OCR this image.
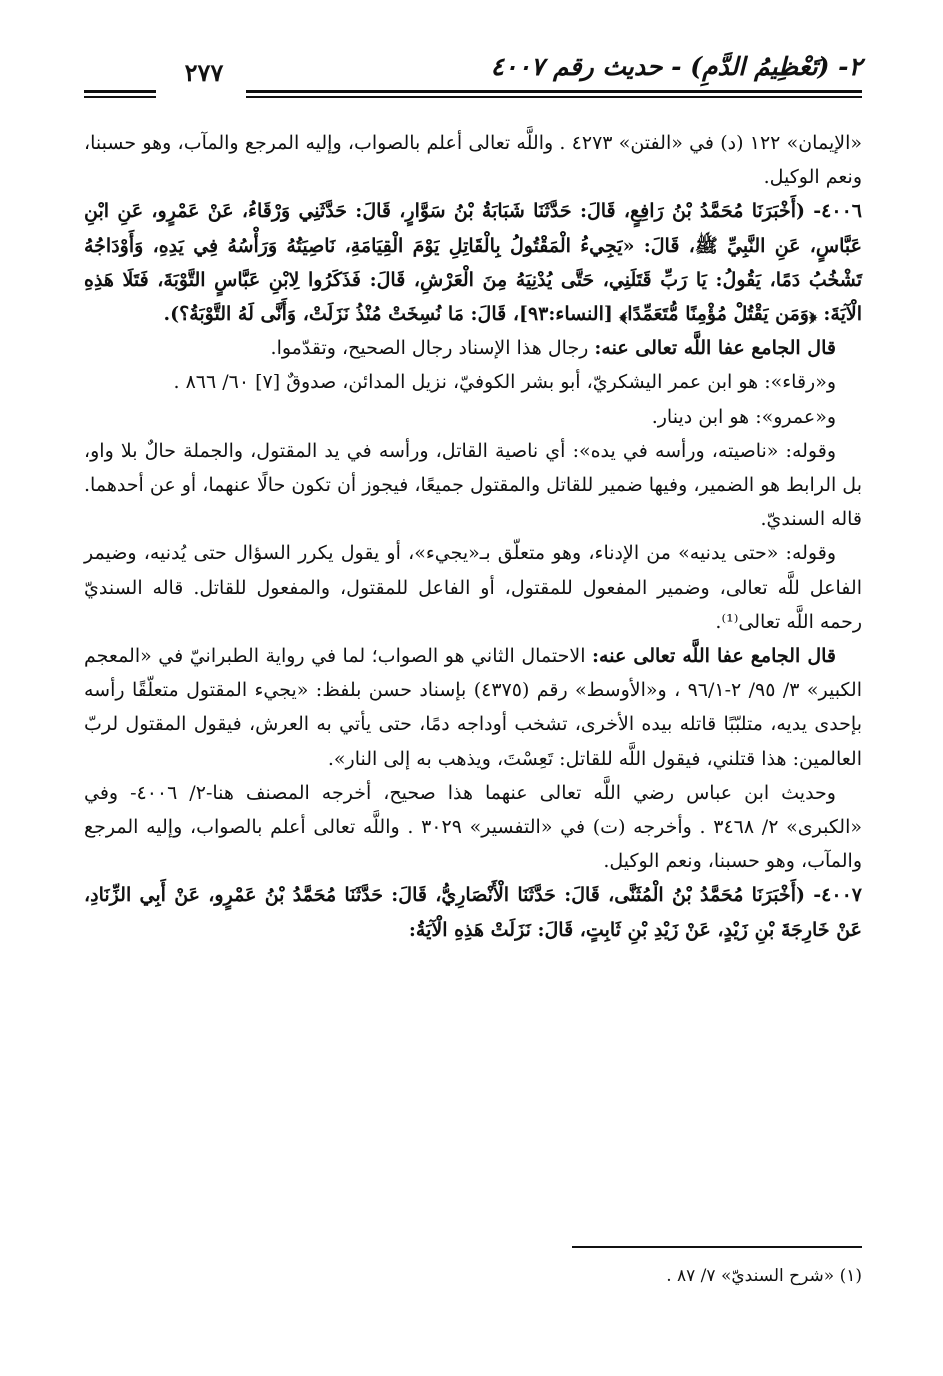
٢- (تَعْظِيمُ الدَّمِ) - حديث رقم ٤٠٠٧
٢٧٧

«الإيمان» ١٢٢ (د) في «الفتن» ٤٢٧٣ . واللَّه تعالى أعلم بالصواب، وإليه المرجع والمآب، وهو حسبنا، ونعم الوكيل.

٤٠٠٦- (أَخْبَرَنَا مُحَمَّدُ بْنُ رَافِعٍ، قَالَ: حَدَّثَنَا شَبَابَةُ بْنُ سَوَّارٍ، قَالَ: حَدَّثَنِي وَرْقَاءُ، عَنْ عَمْرٍو، عَنِ ابْنِ عَبَّاسٍ، عَنِ النَّبِيِّ ﷺ، قَالَ: «يَجِيءُ الْمَقْتُولُ بِالْقَاتِلِ يَوْمَ الْقِيَامَةِ، نَاصِيَتُهُ وَرَأْسُهُ فِي يَدِهِ، وَأَوْدَاجُهُ تَشْخُبُ دَمًا، يَقُولُ: يَا رَبِّ قَتَلَنِي، حَتَّى يُدْنِيَهُ مِنَ الْعَرْشِ، قَالَ: فَذَكَرُوا لِابْنِ عَبَّاسٍ التَّوْبَةَ، فَتَلَا هَذِهِ الْآيَةَ: ﴿وَمَن يَقْتُلْ مُؤْمِنًا مُّتَعَمِّدًا﴾ [النساء:٩٣]، قَالَ: مَا نُسِخَتْ مُنْذُ نَزَلَتْ، وَأَنَّى لَهُ التَّوْبَةُ؟).

قال الجامع عفا اللَّه تعالى عنه: رجال هذا الإسناد رجال الصحيح، وتقدّموا.

و«رقاء»: هو ابن عمر اليشكريّ، أبو بشر الكوفيّ، نزيل المدائن، صدوقٌ [٧] ٦٠/ ٨٦٦ .

و«عمرو»: هو ابن دينار.

وقوله: «ناصيته، ورأسه في يده»: أي ناصية القاتل، ورأسه في يد المقتول، والجملة حالٌ بلا واو، بل الرابط هو الضمير، وفيها ضمير للقاتل والمقتول جميعًا، فيجوز أن تكون حالًا عنهما، أو عن أحدهما. قاله السنديّ.

وقوله: «حتى يدنيه» من الإدناء، وهو متعلّق بـ«يجيء»، أو يقول يكرر السؤال حتى يُدنيه، وضيمر الفاعل للَّه تعالى، وضمير المفعول للمقتول، أو الفاعل للمقتول، والمفعول للقاتل. قاله السنديّ رحمه اللَّه تعالى⁽¹⁾.

قال الجامع عفا اللَّه تعالى عنه: الاحتمال الثاني هو الصواب؛ لما في رواية الطبرانيّ في «المعجم الكبير» ٣/ ٩٥/ ٢-٩٦/١ ، و«الأوسط» رقم (٤٣٧٥) بإسناد حسن بلفظ: «يجيء المقتول متعلّقًا رأسه بإحدى يديه، متلبّبًا قاتله بيده الأخرى، تشخب أوداجه دمًا، حتى يأتي به العرش، فيقول المقتول لربّ العالمين: هذا قتلني، فيقول اللَّه للقاتل: تَعِسْتَ، ويذهب به إلى النار».

وحديث ابن عباس رضي اللَّه تعالى عنهما هذا صحيح، أخرجه المصنف هنا-٢/ ٤٠٠٦- وفي «الكبرى» ٢/ ٣٤٦٨ . وأخرجه (ت) في «التفسير» ٣٠٢٩ . واللَّه تعالى أعلم بالصواب، وإليه المرجع والمآب، وهو حسبنا، ونعم الوكيل.

٤٠٠٧- (أَخْبَرَنَا مُحَمَّدُ بْنُ الْمُثَنَّى، قَالَ: حَدَّثَنَا الْأَنْصَارِيُّ، قَالَ: حَدَّثَنَا مُحَمَّدُ بْنُ عَمْرٍو، عَنْ أَبِي الزِّنَادِ، عَنْ خَارِجَةَ بْنِ زَيْدٍ، عَنْ زَيْدِ بْنِ ثَابِتٍ، قَالَ: نَزَلَتْ هَذِهِ الْآيَةُ:

(١) «شرح السنديّ» ٧/ ٨٧ .
